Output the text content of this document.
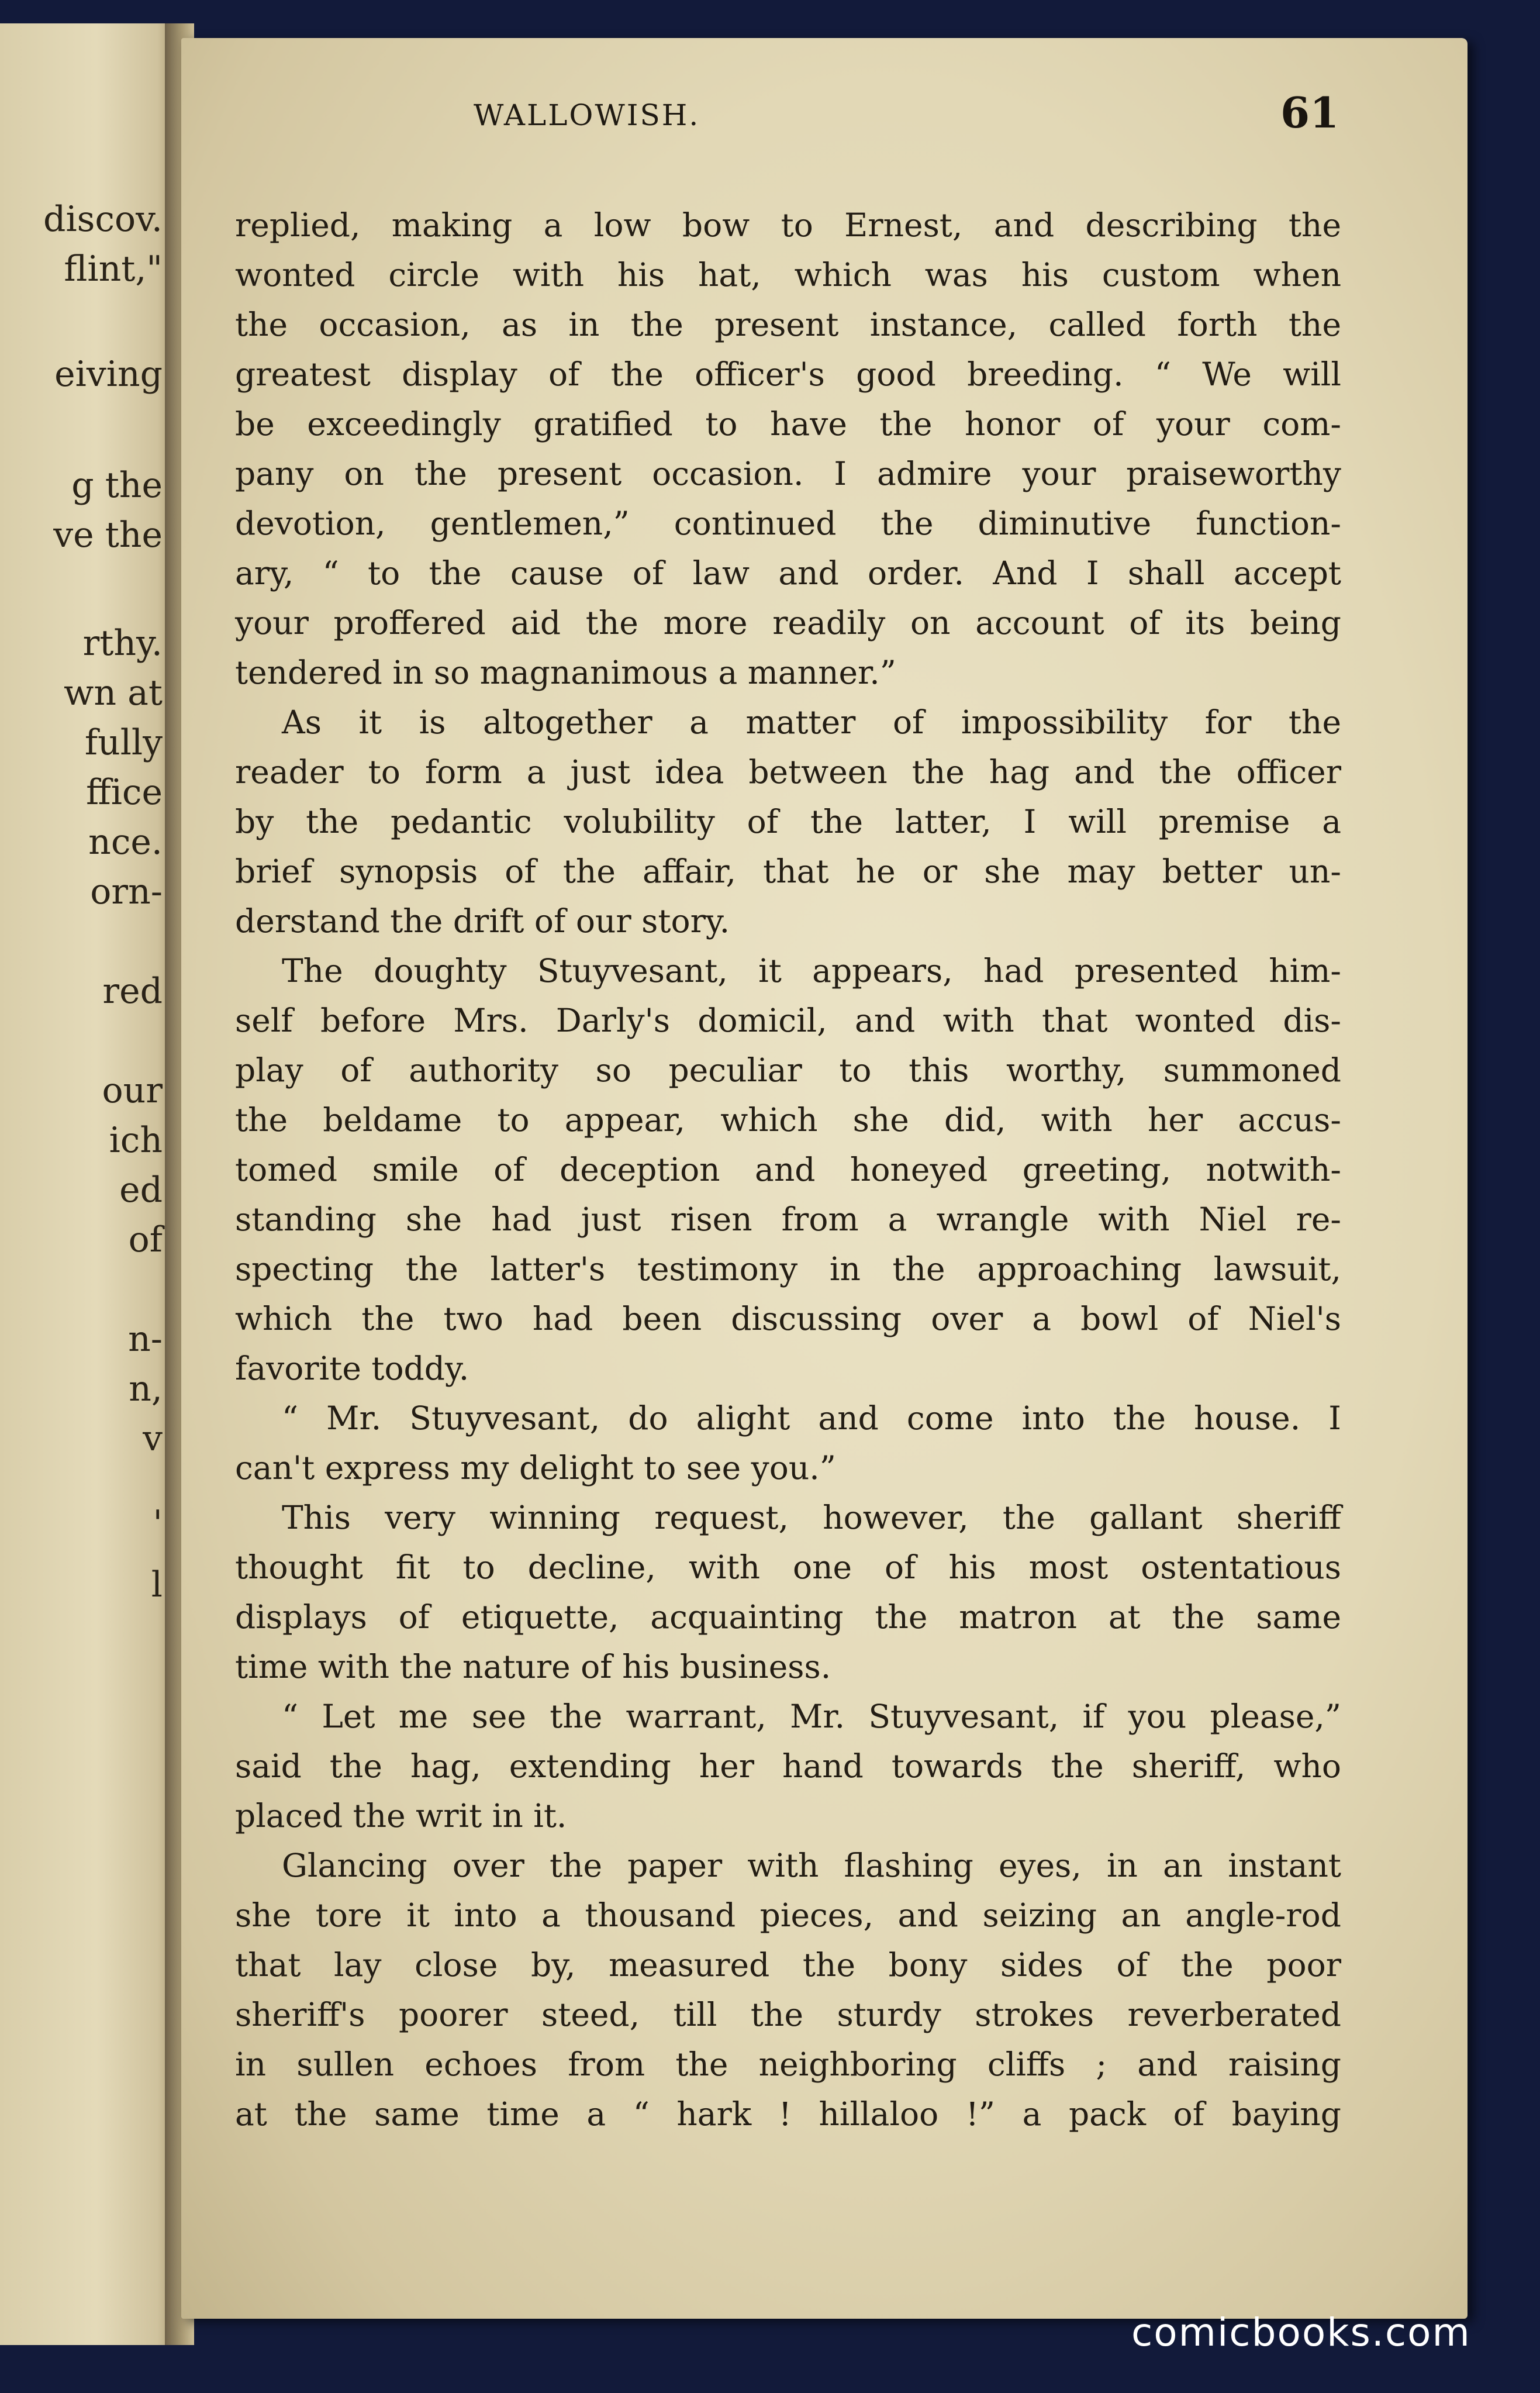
discov.
flint,"
eiving
g the
ve the
rthy.
wn at
fully
ffice
nce.
orn-
red
our
ich
ed
of
n-
n,
v
'
l
WALLOWISH.	61
replied, making a low bow to Ernest, and describing the
wonted circle with his hat, which was his custom when
the occasion, as in the present instance, called forth the
greatest display of the officer's good breeding. “ We will
be exceedingly gratified to have the honor of your com-
pany on the present occasion. I admire your praiseworthy
devotion, gentlemen,” continued the diminutive function-
ary, “ to the cause of law and order. And I shall accept
your proffered aid the more readily on account of its being
tendered in so magnanimous a manner.”
As it is altogether a matter of impossibility for the
reader to form a just idea between the hag and the officer
by the pedantic volubility of the latter, I will premise a
brief synopsis of the affair, that he or she may better un-
derstand the drift of our story.
The doughty Stuyvesant, it appears, had presented him-
self before Mrs. Darly's domicil, and with that wonted dis-
play of authority so peculiar to this worthy, summoned
the beldame to appear, which she did, with her accus-
tomed smile of deception and honeyed greeting, notwith-
standing she had just risen from a wrangle with Niel re-
specting the latter's testimony in the approaching lawsuit,
which the two had been discussing over a bowl of Niel's
favorite toddy.
“ Mr. Stuyvesant, do alight and come into the house. I
can't express my delight to see you.”
This very winning request, however, the gallant sheriff
thought fit to decline, with one of his most ostentatious
displays of etiquette, acquainting the matron at the same
time with the nature of his business.
“ Let me see the warrant, Mr. Stuyvesant, if you please,”
said the hag, extending her hand towards the sheriff, who
placed the writ in it.
Glancing over the paper with flashing eyes, in an instant
she tore it into a thousand pieces, and seizing an angle-rod
that lay close by, measured the bony sides of the poor
sheriff's poorer steed, till the sturdy strokes reverberated
in sullen echoes from the neighboring cliffs ; and raising
at the same time a “ hark ! hillaloo !” a pack of baying
comicbooks.com
